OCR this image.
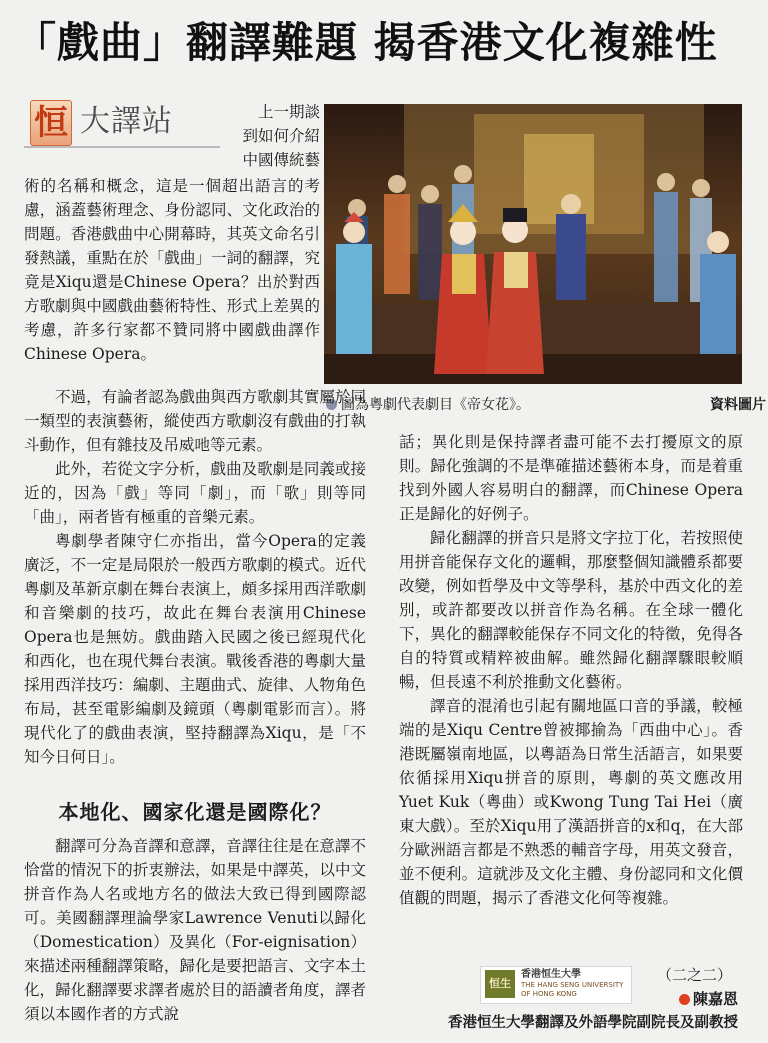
「戲曲」翻譯難題 揭香港文化複雜性
恒 大譯站	上一期談
到如何介紹
中國傳統藝
圖為粵劇代表劇目《帝女花》。	資料圖片

術的名稱和概念，這是一個超出語言的考慮，涵蓋藝術理念、身份認同、文化政治的問題。香港戲曲中心開幕時，其英文命名引發熱議，重點在於「戲曲」一詞的翻譯，究竟是Xiqu還是Chinese Opera？出於對西方歌劇與中國戲曲藝術特性、形式上差異的考慮，許多行家都不贊同將中國戲曲譯作Chinese Opera。

不過，有論者認為戲曲與西方歌劇其實屬於同一類型的表演藝術，縱使西方歌劇沒有戲曲的打執斗動作，但有雜技及吊威吔等元素。

此外，若從文字分析，戲曲及歌劇是同義或接近的，因為「戲」等同「劇」，而「歌」則等同「曲」，兩者皆有極重的音樂元素。

粵劇學者陳守仁亦指出，當今Opera的定義廣泛，不一定是局限於一般西方歌劇的模式。近代粵劇及革新京劇在舞台表演上，頗多採用西洋歌劇和音樂劇的技巧，故此在舞台表演用Chinese Opera也是無妨。戲曲踏入民國之後已經現代化和西化，也在現代舞台表演。戰後香港的粵劇大量採用西洋技巧：編劇、主題曲式、旋律、人物角色布局，甚至電影編劇及鏡頭（粵劇電影而言）。將現代化了的戲曲表演，堅持翻譯為Xiqu，是「不知今日何日」。

本地化、國家化還是國際化？

翻譯可分為音譯和意譯，音譯往往是在意譯不恰當的情況下的折衷辦法，如果是中譯英，以中文拼音作為人名或地方名的做法大致已得到國際認可。美國翻譯理論學家Lawrence Venuti以歸化（Domestication）及異化（For-eignisation）來描述兩種翻譯策略，歸化是要把語言、文字本土化，歸化翻譯要求譯者處於目的語讀者角度，譯者須以本國作者的方式說

話；異化則是保持譯者盡可能不去打擾原文的原則。歸化強調的不是準確描述藝術本身，而是着重找到外國人容易明白的翻譯，而Chinese Opera正是歸化的好例子。

歸化翻譯的拼音只是將文字拉丁化，若按照使用拼音能保存文化的邏輯，那麼整個知識體系都要改變，例如哲學及中文等學科，基於中西文化的差別，或許都要改以拼音作為名稱。在全球一體化下，異化的翻譯較能保存不同文化的特徵，免得各自的特質或精粹被曲解。雖然歸化翻譯驟眼較順暢，但長遠不利於推動文化藝術。

譯音的混淆也引起有關地區口音的爭議，較極端的是Xiqu Centre曾被揶揄為「西曲中心」。香港既屬嶺南地區，以粵語為日常生活語言，如果要依循採用Xiqu拼音的原則，粵劇的英文應改用Yuet Kuk（粵曲）或Kwong Tung Tai Hei（廣東大戲）。至於Xiqu用了漢語拼音的x和q，在大部分歐洲語言都是不熟悉的輔音字母，用英文發音，並不便利。這就涉及文化主體、身份認同和文化價值觀的問題，揭示了香港文化何等複雜。

恒生
香港恒生大學
THE HANG SENG UNIVERSITY
OF HONG KONG
（二之二）
陳嘉恩
香港恒生大學翻譯及外語學院副院長及副教授
